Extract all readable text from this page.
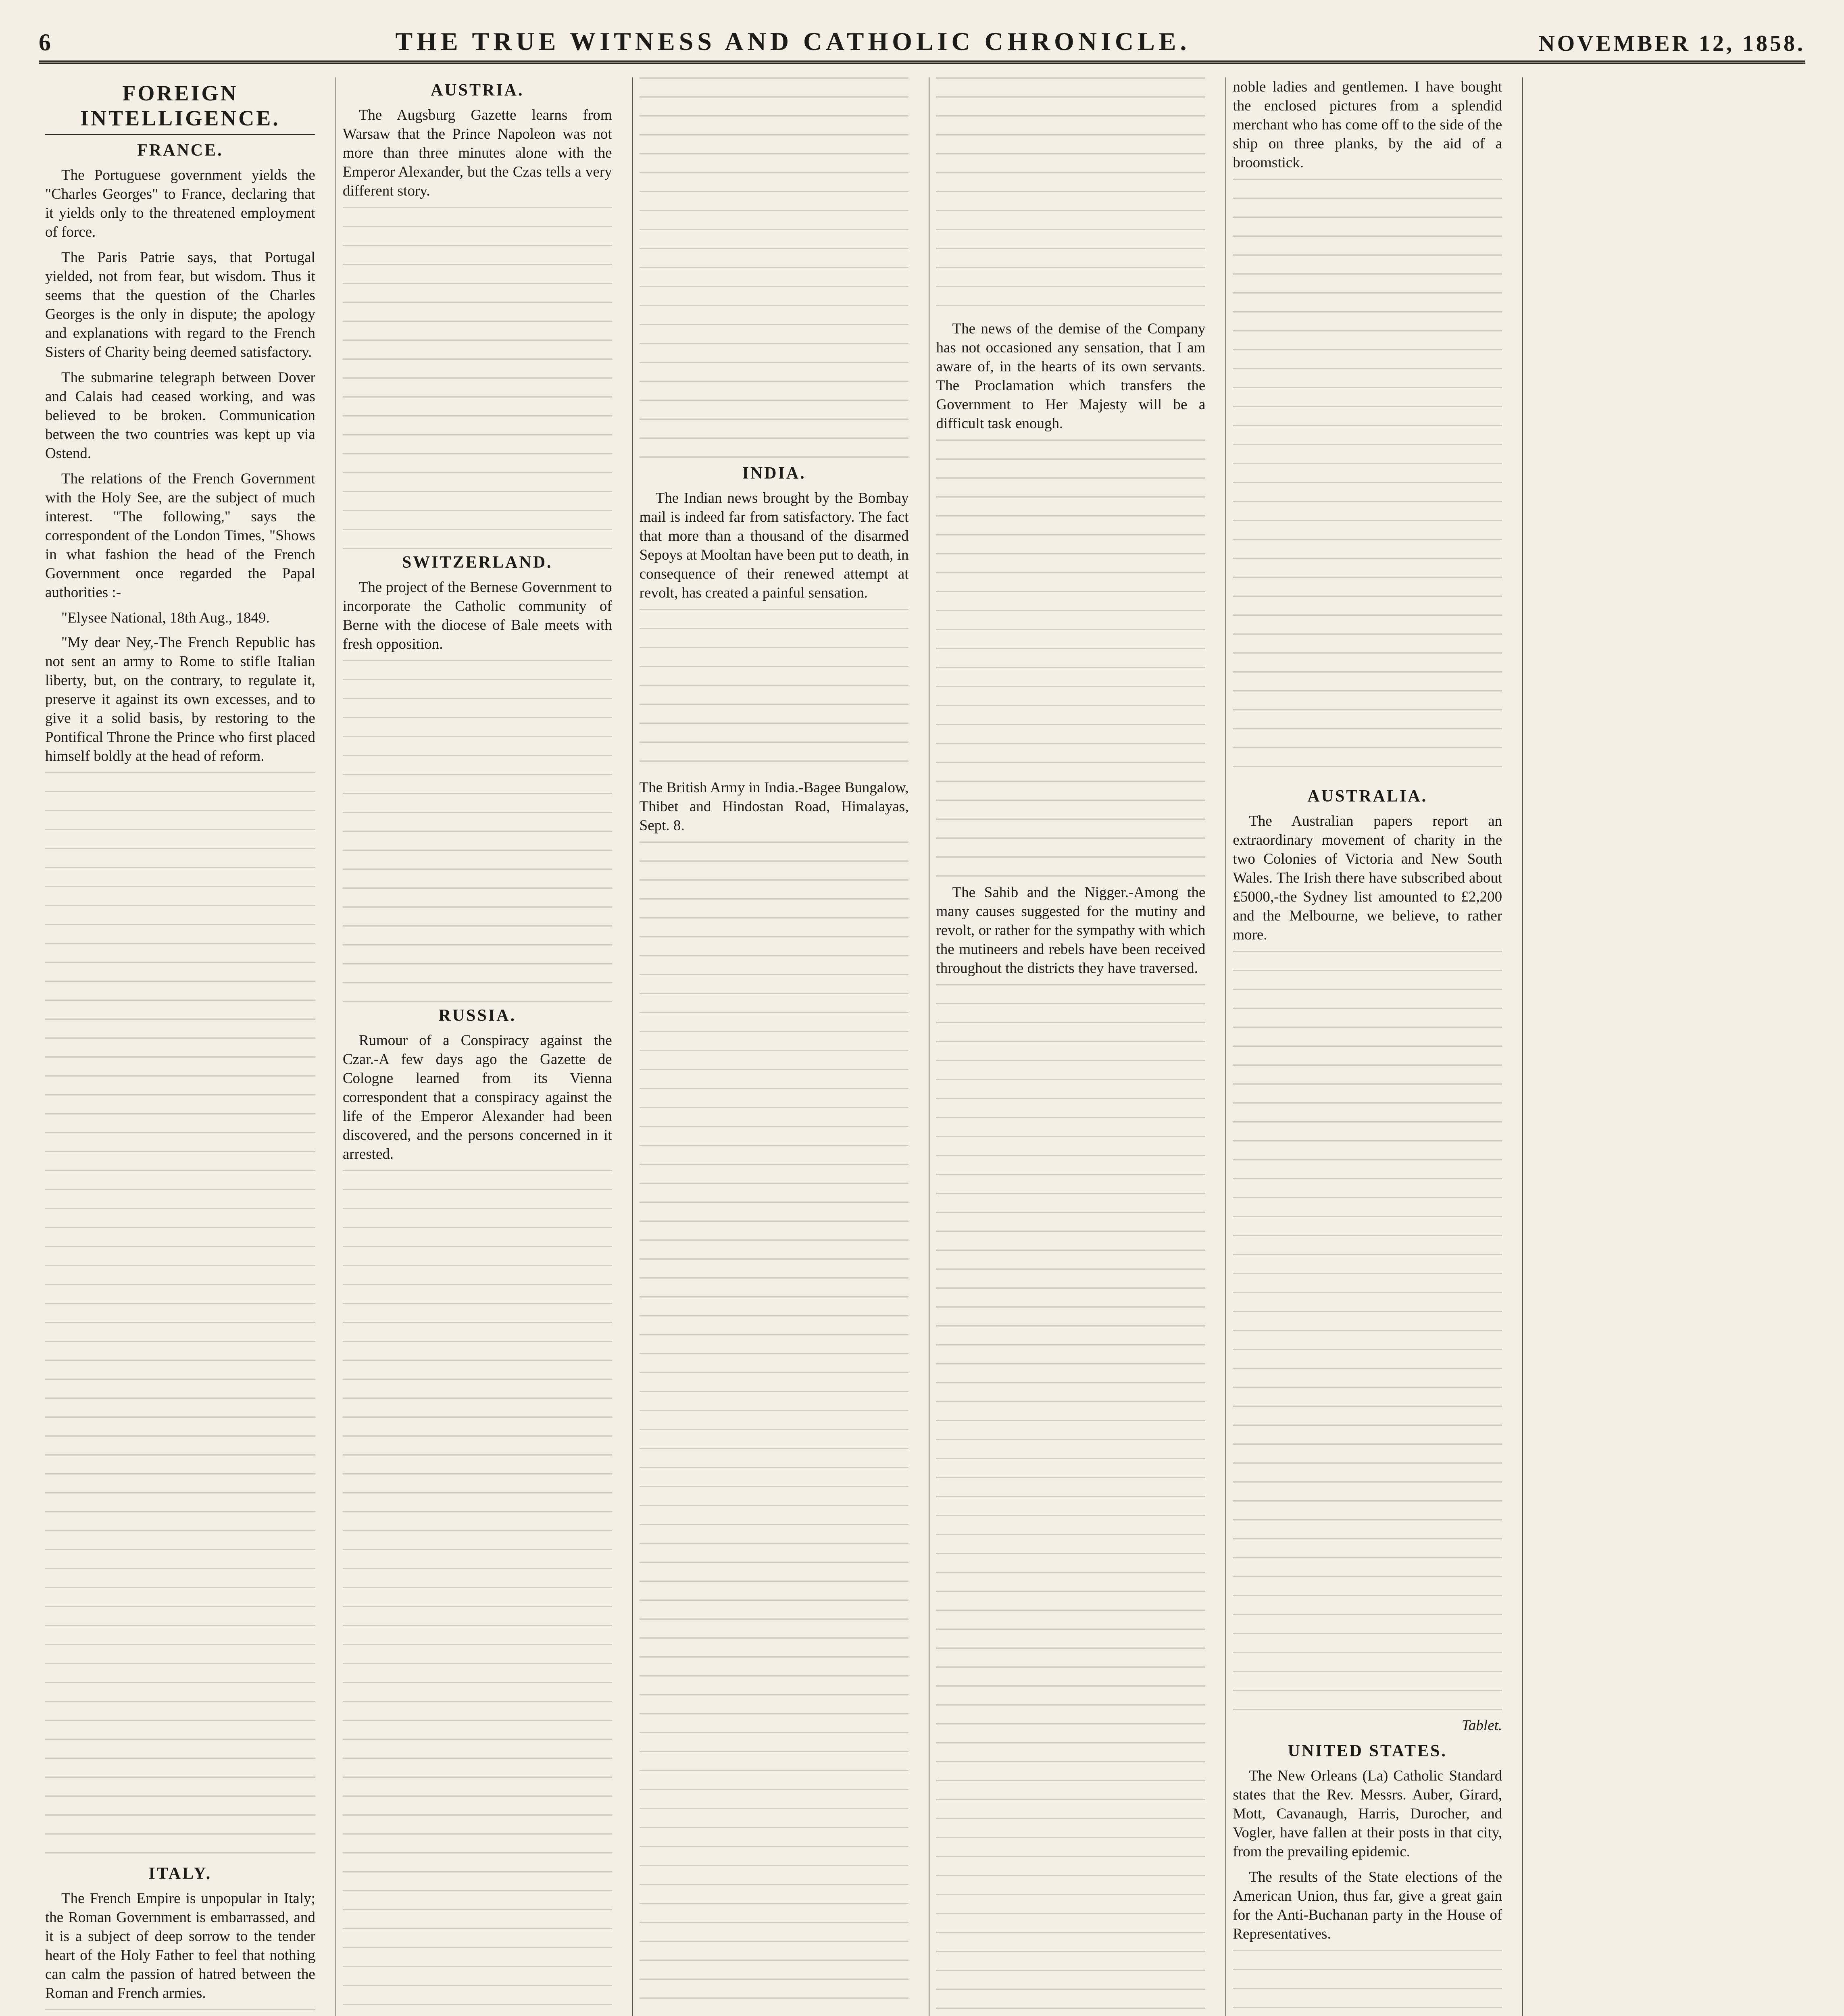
6	THE TRUE WITNESS AND CATHOLIC CHRONICLE.	NOVEMBER 12, 1858.
FOREIGN INTELLIGENCE.
FRANCE.

The Portuguese government yields the "Charles Georges" to France, declaring that it yields only to the threatened employment of force.

The Paris Patrie says, that Portugal yielded, not from fear, but wisdom. Thus it seems that the question of the Charles Georges is the only in dispute; the apology and explanations with regard to the French Sisters of Charity being deemed satisfactory.

The submarine telegraph between Dover and Calais had ceased working, and was believed to be broken. Communication between the two countries was kept up via Ostend.

The relations of the French Government with the Holy See, are the subject of much interest. "The following," says the correspondent of the London Times, "Shows in what fashion the head of the French Government once regarded the Papal authorities :-

"Elysee National, 18th Aug., 1849.

"My dear Ney,-The French Republic has not sent an army to Rome to stifle Italian liberty, but, on the contrary, to regulate it, preserve it against its own excesses, and to give it a solid basis, by restoring to the Pontifical Throne the Prince who first placed himself boldly at the head of reform.

ITALY.

The French Empire is unpopular in Italy; the Roman Government is embarrassed, and it is a subject of deep sorrow to the tender heart of the Holy Father to feel that nothing can calm the passion of hatred between the Roman and French armies.

AUSTRIA.

The Augsburg Gazette learns from Warsaw that the Prince Napoleon was not more than three minutes alone with the Emperor Alexander, but the Czas tells a very different story.

SWITZERLAND.

The project of the Bernese Government to incorporate the Catholic community of Berne with the diocese of Bale meets with fresh opposition.

RUSSIA.

Rumour of a Conspiracy against the Czar.-A few days ago the Gazette de Cologne learned from its Vienna correspondent that a conspiracy against the life of the Emperor Alexander had been discovered, and the persons concerned in it arrested.

INDIA.

The Indian news brought by the Bombay mail is indeed far from satisfactory. The fact that more than a thousand of the disarmed Sepoys at Mooltan have been put to death, in consequence of their renewed attempt at revolt, has created a painful sensation.

The British Army in India.-Bagee Bungalow, Thibet and Hindostan Road, Himalayas, Sept. 8.

The news of the demise of the Company has not occasioned any sensation, that I am aware of, in the hearts of its own servants. The Proclamation which transfers the Government to Her Majesty will be a difficult task enough.

The Sahib and the Nigger.-Among the many causes suggested for the mutiny and revolt, or rather for the sympathy with which the mutineers and rebels have been received throughout the districts they have traversed.

noble ladies and gentlemen. I have bought the enclosed pictures from a splendid merchant who has come off to the side of the ship on three planks, by the aid of a broomstick.

AUSTRALIA.

The Australian papers report an extraordinary movement of charity in the two Colonies of Victoria and New South Wales. The Irish there have subscribed about £5000,-the Sydney list amounted to £2,200 and the Melbourne, we believe, to rather more.

Tablet.
UNITED STATES.

The New Orleans (La) Catholic Standard states that the Rev. Messrs. Auber, Girard, Mott, Cavanaugh, Harris, Durocher, and Vogler, have fallen at their posts in that city, from the prevailing epidemic.

The results of the State elections of the American Union, thus far, give a great gain for the Anti-Buchanan party in the House of Representatives.
